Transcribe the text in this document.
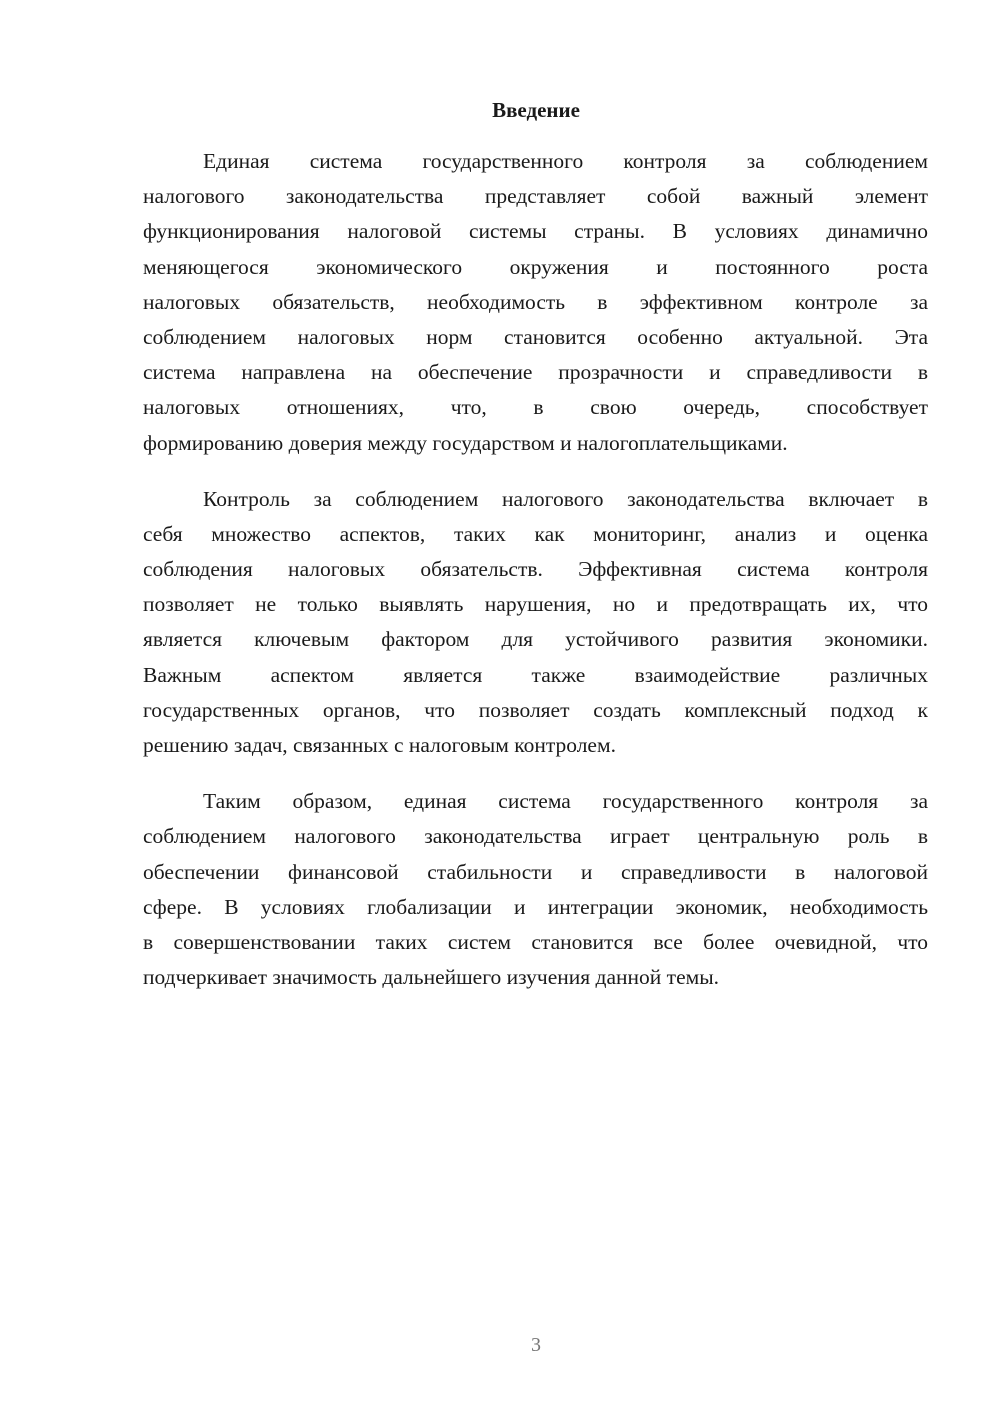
Введение
Единая система государственного контроля за соблюдением
налогового законодательства представляет собой важный элемент
функционирования налоговой системы страны. В условиях динамично
меняющегося экономического окружения и постоянного роста
налоговых обязательств, необходимость в эффективном контроле за
соблюдением налоговых норм становится особенно актуальной. Эта
система направлена на обеспечение прозрачности и справедливости в
налоговых отношениях, что, в свою очередь, способствует
формированию доверия между государством и налогоплательщиками.
Контроль за соблюдением налогового законодательства включает в
себя множество аспектов, таких как мониторинг, анализ и оценка
соблюдения налоговых обязательств. Эффективная система контроля
позволяет не только выявлять нарушения, но и предотвращать их, что
является ключевым фактором для устойчивого развития экономики.
Важным аспектом является также взаимодействие различных
государственных органов, что позволяет создать комплексный подход к
решению задач, связанных с налоговым контролем.
Таким образом, единая система государственного контроля за
соблюдением налогового законодательства играет центральную роль в
обеспечении финансовой стабильности и справедливости в налоговой
сфере. В условиях глобализации и интеграции экономик, необходимость
в совершенствовании таких систем становится все более очевидной, что
подчеркивает значимость дальнейшего изучения данной темы.
3
